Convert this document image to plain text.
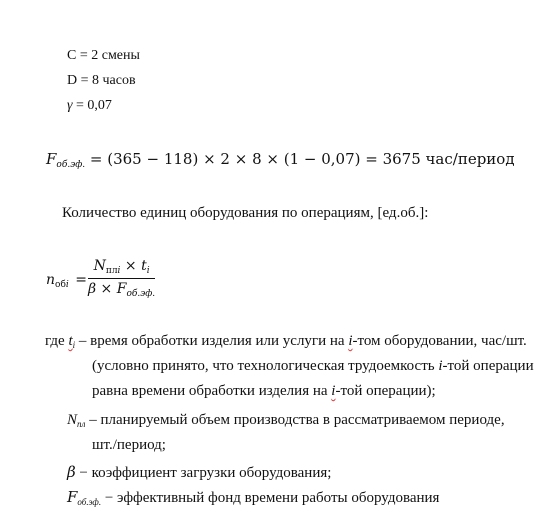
C = 2 смены
D = 8 часов
γ = 0,07
$F_{об.эф.} = (365 - 118) \times 2 \times 8 \times (1 - 0,07) = 3675$ час/период
Количество единиц оборудования по операциям, [ед.об.]:
$n_{обi}$ =
$N_{плi} \times t_i$
$\beta \times F_{об.эф.}$
где $t_i$ – время обработки изделия или услуги на i-том оборудовании, час/шт.
(условно принято, что технологическая трудоемкость i-той операции
равна времени обработки изделия на i-той операции);
$N_{пл}$ – планируемый объем производства в рассматриваемом периоде,
шт./период;
β − коэффициент загрузки оборудования;
$F_{об.эф.}$ − эффективный фонд времени работы оборудования
